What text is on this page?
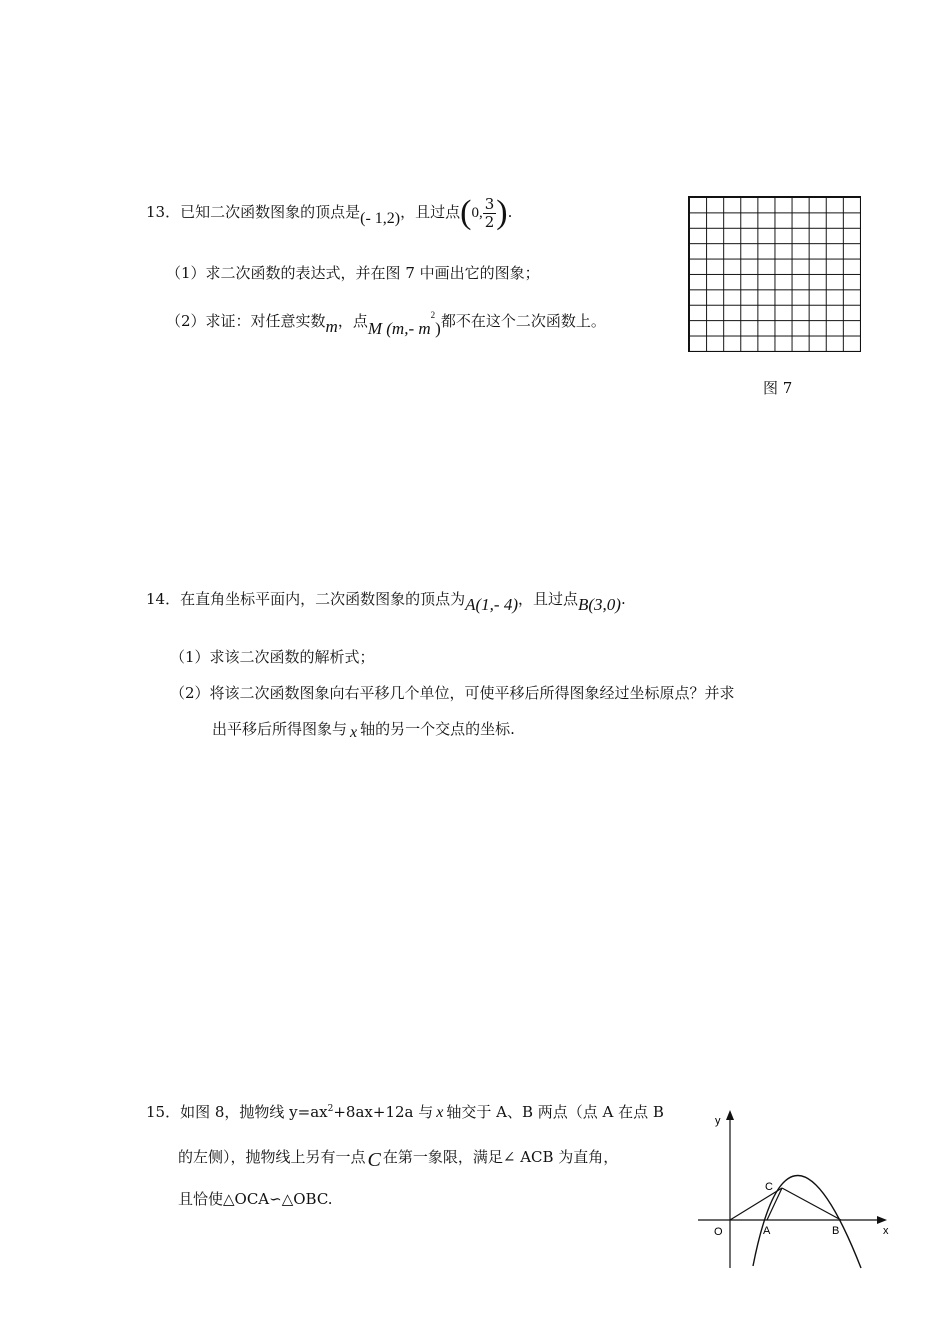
13．已知二次函数图象的顶点是(- 1,2)，且过点(0, $\frac{3}{2}$ ).
（1）求二次函数的表达式，并在图 7 中画出它的图象；
（2）求证：对任意实数m，点M (m,- $m^2$)都不在这个二次函数上。
图 7
14．在直角坐标平面内，二次函数图象的顶点为A(1,- 4)，且过点B(3,0).
（1）求该二次函数的解析式；
（2）将该二次函数图象向右平移几个单位，可使平移后所得图象经过坐标原点？并求
出平移后所得图象与 x 轴的另一个交点的坐标.
15．如图 8，抛物线 $y=ax^2+8ax+12a$ 与 x 轴交于 A、B 两点（点 A 在点 B
的左侧），抛物线上另有一点 C 在第一象限，满足∠ ACB 为直角，
且恰使△OCA∽△OBC.
y
x
O	A	B
C
